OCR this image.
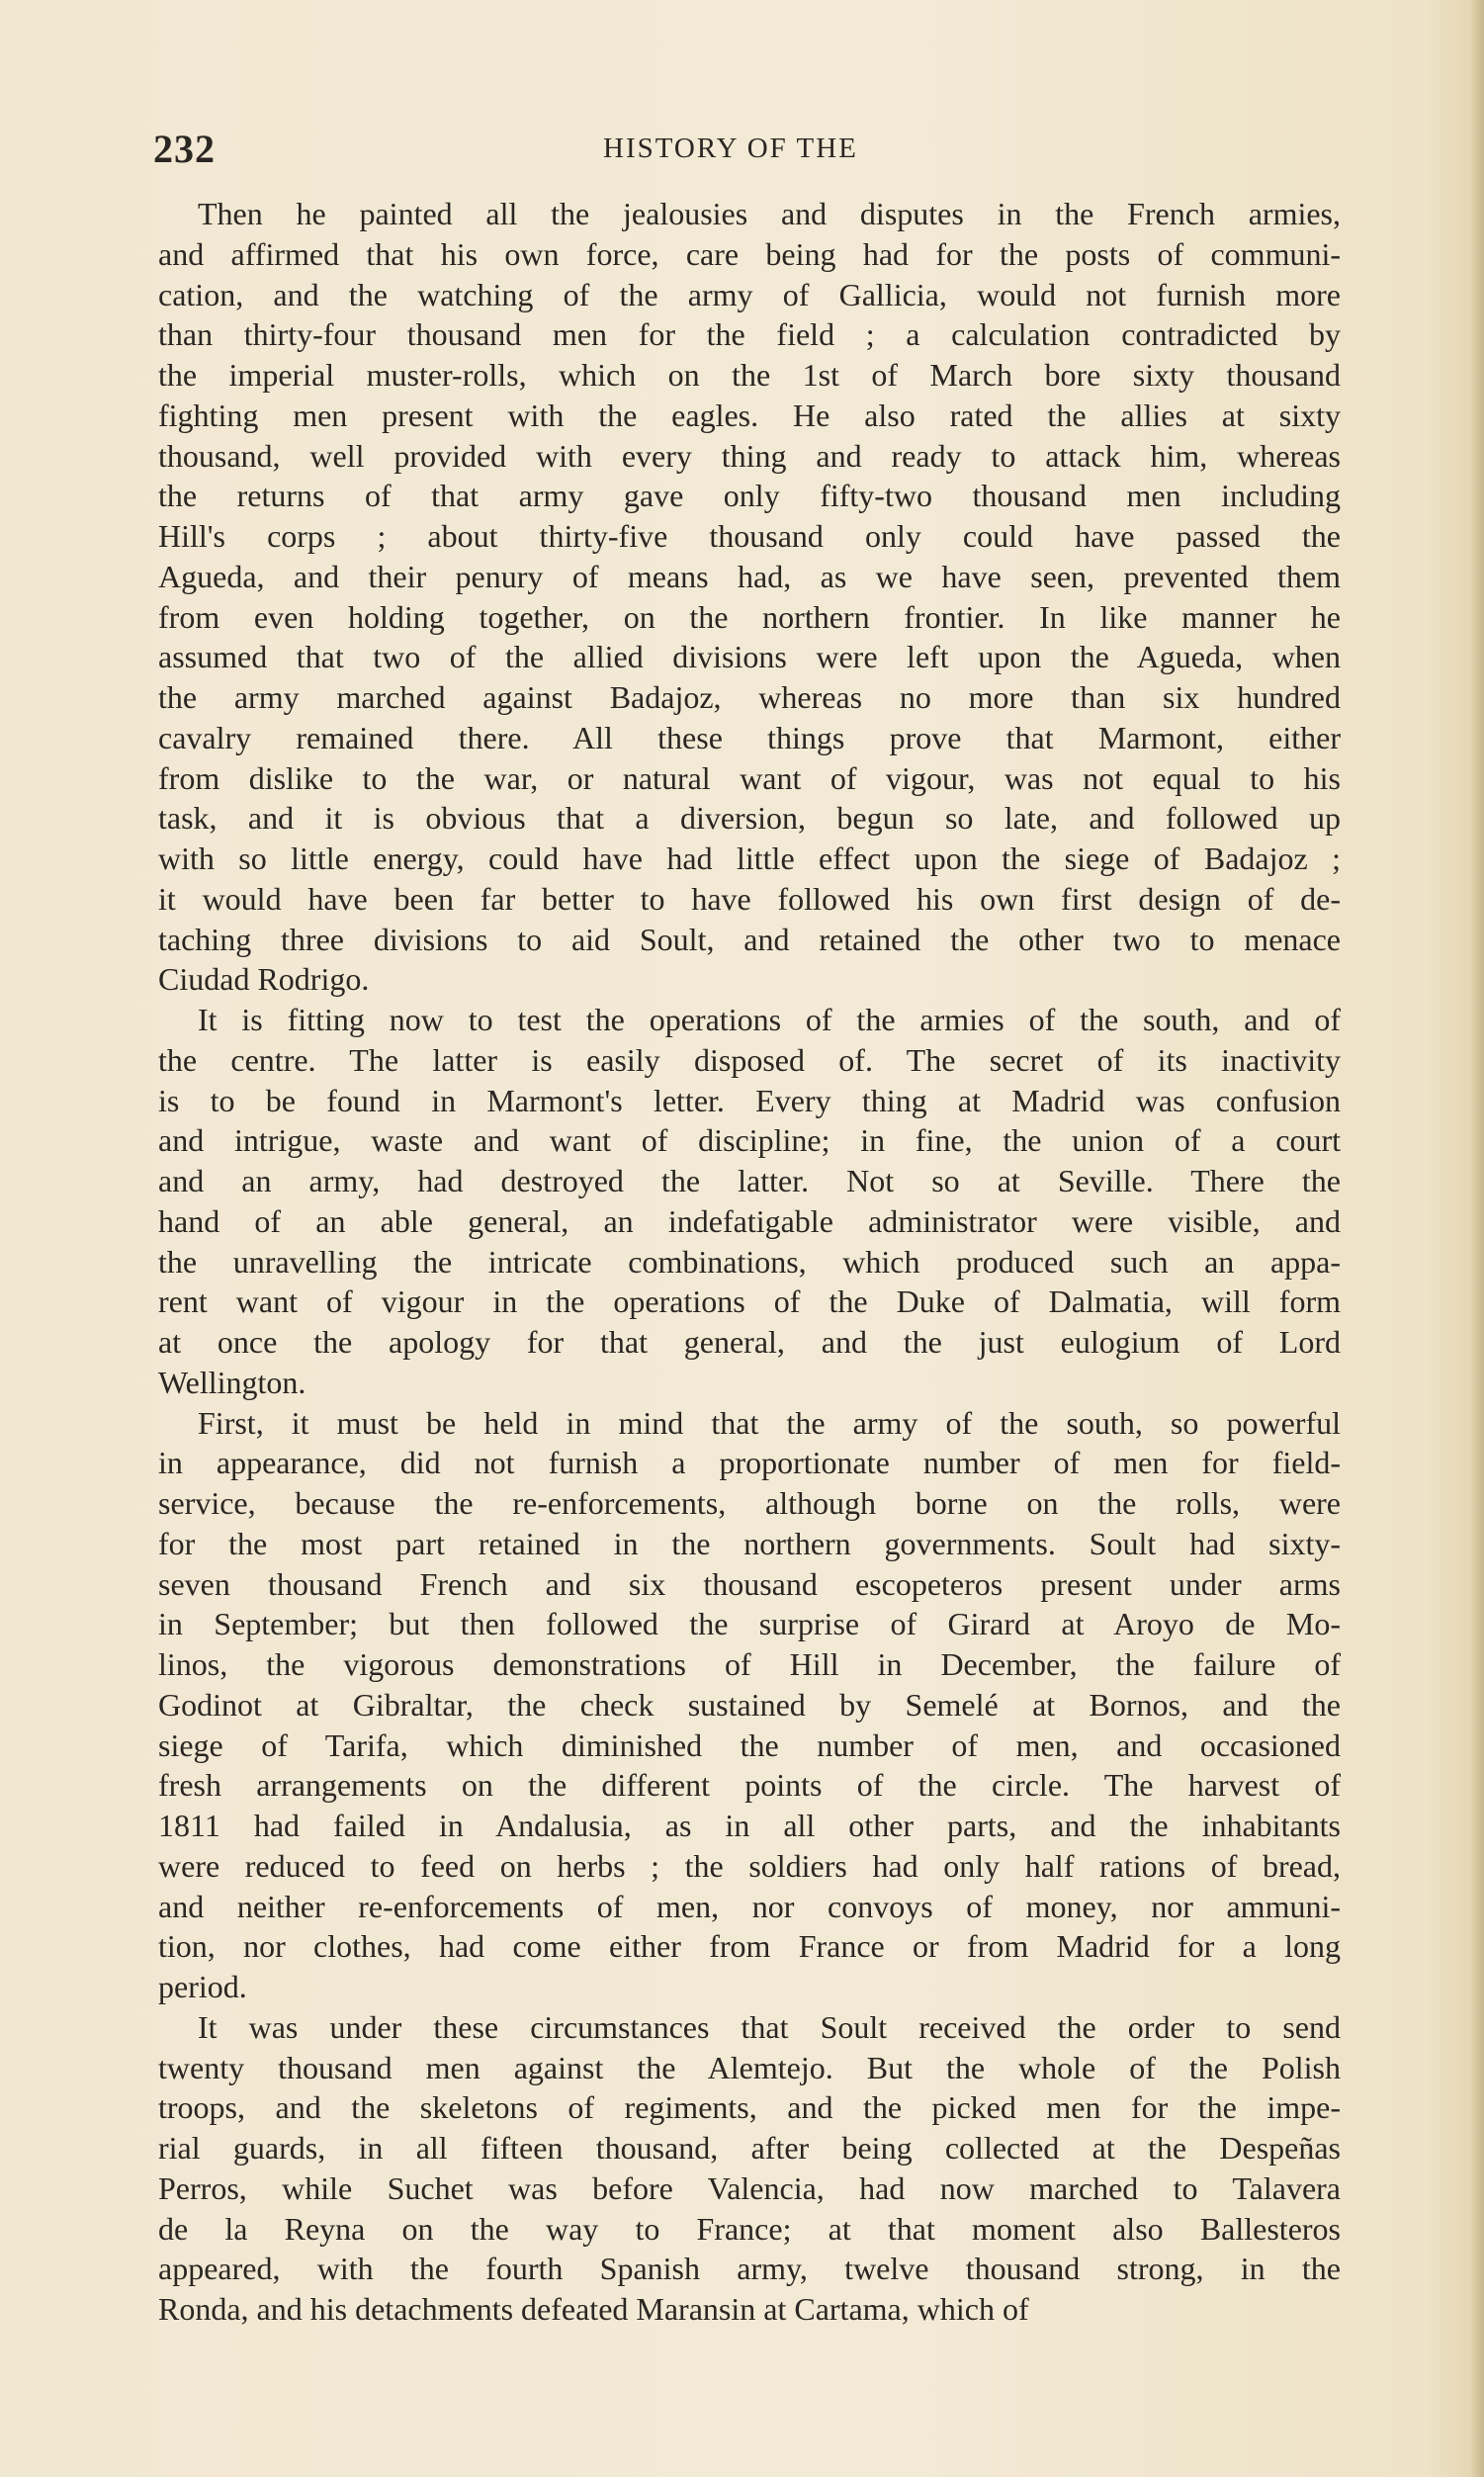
232	HISTORY OF THE
Then he painted all the jealousies and disputes in the French armies,
and affirmed that his own force, care being had for the posts of communi-
cation, and the watching of the army of Gallicia, would not furnish more
than thirty-four thousand men for the field ; a calculation contradicted by
the imperial muster-rolls, which on the 1st of March bore sixty thousand
fighting men present with the eagles. He also rated the allies at sixty
thousand, well provided with every thing and ready to attack him, whereas
the returns of that army gave only fifty-two thousand men including
Hill's corps ; about thirty-five thousand only could have passed the
Agueda, and their penury of means had, as we have seen, prevented them
from even holding together, on the northern frontier. In like manner he
assumed that two of the allied divisions were left upon the Agueda, when
the army marched against Badajoz, whereas no more than six hundred
cavalry remained there. All these things prove that Marmont, either
from dislike to the war, or natural want of vigour, was not equal to his
task, and it is obvious that a diversion, begun so late, and followed up
with so little energy, could have had little effect upon the siege of Badajoz ;
it would have been far better to have followed his own first design of de-
taching three divisions to aid Soult, and retained the other two to menace
Ciudad Rodrigo.
It is fitting now to test the operations of the armies of the south, and of
the centre. The latter is easily disposed of. The secret of its inactivity
is to be found in Marmont's letter. Every thing at Madrid was confusion
and intrigue, waste and want of discipline; in fine, the union of a court
and an army, had destroyed the latter. Not so at Seville. There the
hand of an able general, an indefatigable administrator were visible, and
the unravelling the intricate combinations, which produced such an appa-
rent want of vigour in the operations of the Duke of Dalmatia, will form
at once the apology for that general, and the just eulogium of Lord
Wellington.
First, it must be held in mind that the army of the south, so powerful
in appearance, did not furnish a proportionate number of men for field-
service, because the re-enforcements, although borne on the rolls, were
for the most part retained in the northern governments. Soult had sixty-
seven thousand French and six thousand escopeteros present under arms
in September; but then followed the surprise of Girard at Aroyo de Mo-
linos, the vigorous demonstrations of Hill in December, the failure of
Godinot at Gibraltar, the check sustained by Semelé at Bornos, and the
siege of Tarifa, which diminished the number of men, and occasioned
fresh arrangements on the different points of the circle. The harvest of
1811 had failed in Andalusia, as in all other parts, and the inhabitants
were reduced to feed on herbs ; the soldiers had only half rations of bread,
and neither re-enforcements of men, nor convoys of money, nor ammuni-
tion, nor clothes, had come either from France or from Madrid for a long
period.
It was under these circumstances that Soult received the order to send
twenty thousand men against the Alemtejo. But the whole of the Polish
troops, and the skeletons of regiments, and the picked men for the impe-
rial guards, in all fifteen thousand, after being collected at the Despeñas
Perros, while Suchet was before Valencia, had now marched to Talavera
de la Reyna on the way to France; at that moment also Ballesteros
appeared, with the fourth Spanish army, twelve thousand strong, in the
Ronda, and his detachments defeated Maransin at Cartama, which of
